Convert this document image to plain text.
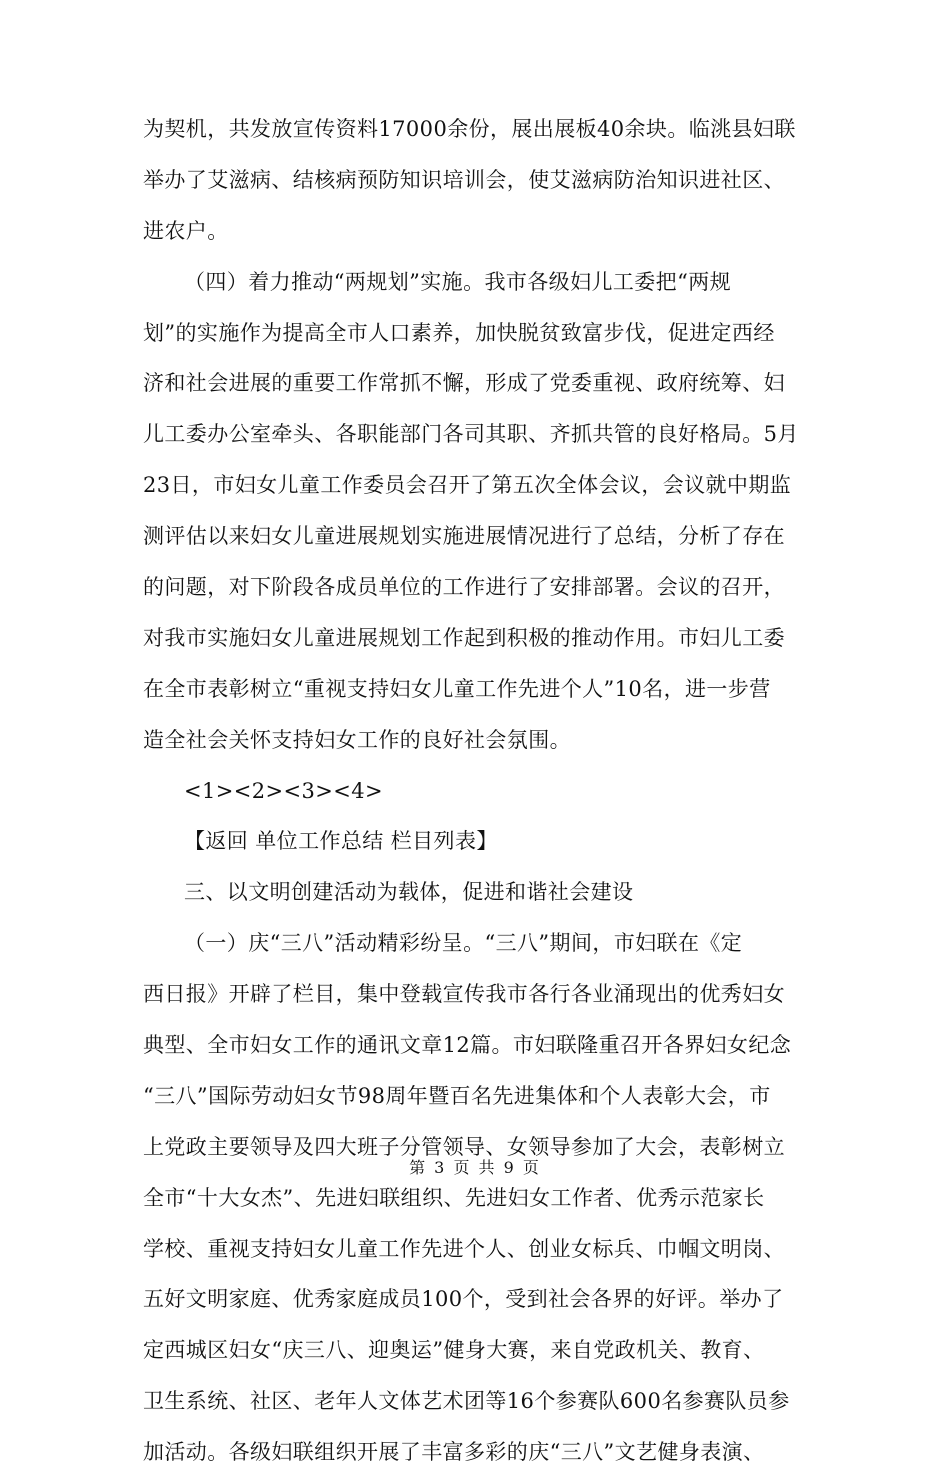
为契机，共发放宣传资料17000余份，展出展板40余块。临洮县妇联
举办了艾滋病、结核病预防知识培训会，使艾滋病防治知识进社区、
进农户。
（四）着力推动“两规划”实施。我市各级妇儿工委把“两规
划”的实施作为提高全市人口素养，加快脱贫致富步伐，促进定西经
济和社会进展的重要工作常抓不懈，形成了党委重视、政府统筹、妇
儿工委办公室牵头、各职能部门各司其职、齐抓共管的良好格局。5月
23日，市妇女儿童工作委员会召开了第五次全体会议，会议就中期监
测评估以来妇女儿童进展规划实施进展情况进行了总结，分析了存在
的问题，对下阶段各成员单位的工作进行了安排部署。会议的召开，
对我市实施妇女儿童进展规划工作起到积极的推动作用。市妇儿工委
在全市表彰树立“重视支持妇女儿童工作先进个人”10名，进一步营
造全社会关怀支持妇女工作的良好社会氛围。
<1><2><3><4>
【返回 单位工作总结 栏目列表】
三、以文明创建活动为载体，促进和谐社会建设
（一）庆“三八”活动精彩纷呈。“三八”期间，市妇联在《定
西日报》开辟了栏目，集中登载宣传我市各行各业涌现出的优秀妇女
典型、全市妇女工作的通讯文章12篇。市妇联隆重召开各界妇女纪念
“三八”国际劳动妇女节98周年暨百名先进集体和个人表彰大会，市
上党政主要领导及四大班子分管领导、女领导参加了大会，表彰树立
全市“十大女杰”、先进妇联组织、先进妇女工作者、优秀示范家长
学校、重视支持妇女儿童工作先进个人、创业女标兵、巾帼文明岗、
五好文明家庭、优秀家庭成员100个，受到社会各界的好评。举办了
定西城区妇女“庆三八、迎奥运”健身大赛，来自党政机关、教育、
卫生系统、社区、老年人文体艺术团等16个参赛队600名参赛队员参
加活动。各级妇联组织开展了丰富多彩的庆“三八”文艺健身表演、
第 3 页 共 9 页
